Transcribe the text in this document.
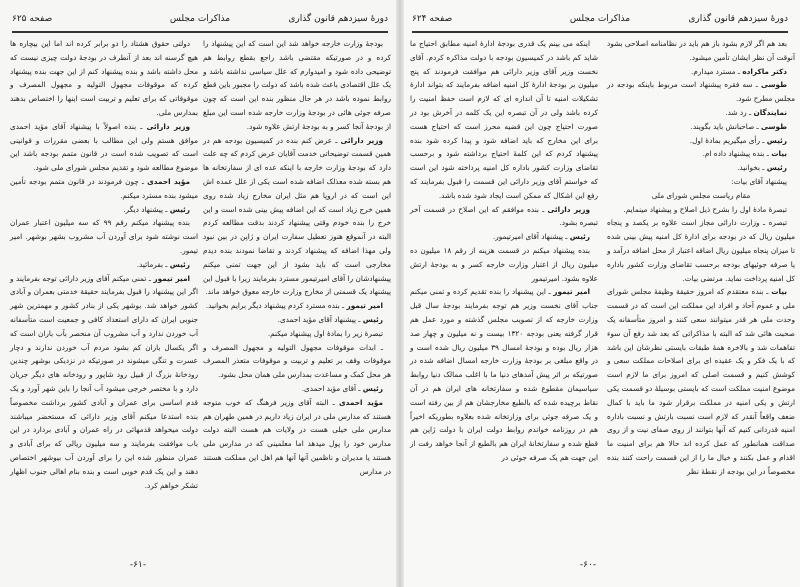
دورهٔ سیزدهم قانون گذاری
مذاکرات مجلس
صفحه ۶۲۵

بودجهٔ وزارت خارجه خواهد شد این است که این پیشنهاد را کرده و در صورتیکه مقتضی باشد راجع بقطع روابط هم توضیحی داده شود و امیدوارم که علل سیاسی نداشته باشد و یک علل اقتصادی باعث شده باشد که دولت را مجبور باین قطع روابط نموده باشد در هر حال منظور بنده این است که چون صرفه جوئی هائی در بودجهٔ وزارت خارجه شده است این مبلغ از بودجهٔ آنجا کسر و به بودجهٔ ارتش علاوه شود.

وزیر دارائی ـ عرض کنم بنده در کمیسیون بودجه هم در همین قسمت توضیحاتی خدمت آقایان عرض کردم که چه علت دارد که بودجهٔ وزارت خارجه با اینکه عده ای از سفارتخانه ها هم بسته شده معذلک اضافه شده است یکی از علل عمده اش این است که در اروپا هم مثل ایران مخارج زیاد شده روی همین خرج زیاد است که این اضافه پیش بینی شده است و این خرج را بنده خودم وقتی پیشنهاد کردند بدقت مطالعه کردم البته در آنموقع هنوز تعطیل سفارت ایران و ژاپن در بین نبود ولی مهذا اضافه که پیشنهاد کردند و تقاضا نمودند بنده دیدم مخارجی است که باید بشود از این جهت تمنی میکنم پیشنهادشان را آقای امیرتیمور مسترد بفرمایند زیرا با قبول این پیشنهاد یک قسمتی از مخارج وزارت خارجه معوق خواهد ماند.

امیر تیمور ـ بنده مسترد کردم پیشنهاد دیگر برایم بخوانید.

رئیس ـ پیشنهاد آقای مؤید احمدی.

تبصرهٔ زیر را بمادهٔ اول پیشنهاد میکنم.

ـ ابدات موقوفات مجهول التولیه و مجهول المصرف و موقوفات وقف بر تعلیم و تربیت و موقوفات متعذر المصرف هر محل کمک و مساعدت بمدارس ملی همان محل بشود.

رئیس ـ آقای مؤید احمدی.

مؤید احمدی ـ البته آقای وزیر فرهنگ که خوب متوجه هستند که مدارس ملی در ایران زیاد داریم در همین طهران هم مدارس ملی خیلی هست در ولایات هم هست البته دولت مدارس خود را پول میدهد اما معلمینی که در مدارس ملی هستند یا مدیران و ناظمین آنها آنها هم اهل این مملکت هستند در مدارس

دولتی حقوق هشتاد را دو برابر کرده اند اما این بیچاره ها هیچ گرسنه اند بعد از آنطرف در بودجهٔ دولت چیزی نیست که محل داشته باشد و بنده پیشنهاد کنم از این جهت بنده پیشنهاد کرده که موقوفات مجهول التولیه و مجهول المصرف و موقوفاتی که برای تعلیم و تربیت است اینها را اختصاص بدهند بمدارس ملی.

وزیر دارائی ـ بنده اصولاً با پیشنهاد آقای مؤید احمدی موافق هستم ولی این مطالب با بعضی مقررات و قوانینی است که تصویب شده است در قانون متمم بودجه باشد این موضوع مطالعه شود و تقدیم مجلس شورای ملی شود.

مؤید احمدی ـ چون فرمودند در قانون متمم بودجه تأمین میشود بنده مسترد میکنم.

رئیس ـ پیشنهاد دیگر.

بنده پیشنهاد میکنم رقم ۹۹ که سه میلیون اعتبار عمران است نوشته شود برای آوردن آب مشروب بشهر بوشهر. امیر تیمور.

رئیس ـ بفرمائید.

امیر تیمور ـ تمنی میکنم آقای وزیر دارائی توجه بفرمایند و اگر این پیشنهاد را قبول بفرمایند حقیقة خدمتی بعمران و آبادی کشور خواهد شد. بوشهر یکی از بنادر کشور و مهمترین شهر جنوبی ایران که دارای استعداد کافی و جمعیت است متأسفانه آب خوردن ندارد و آب مشروب آن منحصر بآب باران است که اگر یکسال باران کم بشود مردم آب خوردن ندارند و دچار عسرت و تنگی میشوند در صورتیکه در نزدیکی بوشهر چندین رودخانهٔ بزرگ از قبیل رود شاپور و رودخانه های دیگر جریان دارد و با مختصر خرجی میشود آب آنجا را باین شهر آورد و یک قدم اساسی برای عمران و آبادی کشور برداشت مخصوصاً بنده استدعا میکنم آقای وزیر دارائی که مستحضر میباشند دولت میخواهد قدمهائی در راه عمران و آبادی بردارد در این باب موافقت بفرمایند و سه میلیون ریالی که برای آبادی و عمران منظور شده این را برای آوردن آب بیوشهر اختصاص دهند و این یک قدم خوبی است و بنده بنام اهالی جنوب اظهار تشکر خواهم کرد.

-۶۱-
دورهٔ سیزدهم قانون گذاری
مذاکرات مجلس
صفحه ۶۲۴

بعد هم اگر لازم بشود باز هم باید در نظامنامه اصلاحی بشود آنوقت آن نظر ایشان تأمین میشود.

دکتر ماکراده ـ مسترد میدارم.

طوسی ـ سه فقره پیشنهاد است مربوط باینکه بودجه در مجلس مطرح شود.

نمایندگان ـ رد شد.

طوسی ـ صاحبانش باید بگویند.

رئیس ـ رأی میگیریم بمادهٔ اول.

بیات ـ بنده پیشنهاد داده ام.

رئیس ـ بخوانید.

پیشنهاد آقای بیات:

مقام ریاست مجلس شورای ملی

تبصرهٔ مادهٔ اول را بشرح ذیل اصلاح و پیشنهاد مینمایم.

تبصره ـ وزارت دارائی مجاز است علاوه بر یکصد و پنجاه میلیون ریال که در بودجه برای ادارهٔ کل امنیه پیش بینی شده تا میزان پنجاه میلیون ریال اضافه اعتبار از محل اضافه درآمد و یا صرفه جوئیهای بودجه برحسب تقاضای وزارت کشور باداره کل امنیه پرداخت نماید. مرتضی بیات.

بیات ـ بنده معتقدم که امروز حقیقة وظیفهٔ مجلس شورای ملی و عموم آحاد و افراد این مملکت این است که در قسمت وحدت ملی هر قدر میتوانند سعی کنند و امروز متأسفانه یک صحبت هائی شد که البته با مذاکراتی که بعد شد رفع آن سوء تفاهمات شد و بالاخره همهٔ طبقات بایستی نظرشان این باشد که با یک فکر و یک عقیده ای برای اصلاحات مملکت سعی و کوشش کنیم و قسمت اصلی که امروز برای ما لازم است موضوع امنیت مملکت است که بایستی بوسیلهٔ دو قسمت یکی ارتش و یکی امنیه در مملکت برقرار شود ما باید با کمال ضعف واقعاً آنقدر که لازم است نسبت بارتش و نسبت باداره امنیه قدردانی کنیم که آنها بتوانند از روی صفای نیت و از روی صداقت همانطور که عمل کرده اند حالا هم برای امنیت ما اقدام و عمل بکنند و خیال ما را از این قسمت راحت کنند بنده مخصوصاً در این بودجه از نقطهٔ نظر

اینکه می بینم یک قدری بودجهٔ ادارهٔ امنیه مطابق احتیاج ما شاید کم باشد در کمیسیون بودجه با دولت مذاکره کردم. آقای نخست وزیر آقای وزیر دارائی هم موافقت فرمودند که پنج میلیون بر بودجهٔ ادارهٔ کل امنیه اضافه بفرمایند که بتواند ادارهٔ تشکیلات امنیه تا آن اندازه ای که لازم است حفظ امنیت را کرده باشد ولی در آن تبصره این یک کلمه در آخرش بود در صورت احتیاج چون این قضیه محرز است که احتیاج هست برای این مخارج که باید اضافه شود و پیدا کرده شود بنده پیشنهاد کردم که این کلمهٔ احتیاج برداشته شود و برحسب تقاضای وزارت کشور باداره کل امنیه پرداخته شود این است که خواستم آقای وزیر دارائی این قسمت را قبول بفرمایند که رفع این اشکال که ممکن است ایجاد شود شده باشد.

وزیر دارائی ـ بنده موافقم که این اصلاح در قسمت آخر تبصره بشود.

رئیس ـ پیشنهاد آقای امیرتیمور.

بنده پیشنهاد میکنم در قسمت هزینه از رقم ۱۸ میلیون ده میلیون ریال از اعتبار وزارت خارجه کسر و به بودجهٔ ارتش علاوه بشود. امیرتیمور

امیر تیمور ـ این پیشنهاد را بنده تقدیم کرده و تمنی میکنم جناب آقای نخست وزیر هم توجه بفرمایند بودجهٔ سال قبل وزارت خارجه که از تصویب مجلس گذشته و مورد عمل هم قرار گرفته یعنی بودجه ۱۳۲۰ بیست و نه میلیون و چهار صد هزار ریال بوده و بودجهٔ امسال ۳۹ میلیون ریال شده است و در واقع مبلغی بر بودجهٔ وزارت خارجه امسال اضافه شده در صورتیکه بر اثر پیش آمدهای دنیا ما با اغلب ممالک دنیا روابط سیاسیمان مقطوع شده و سفارتخانه های ایران هم در آن نقاط برچیده شده که بالطبع مخارجشان هم از بین رفته است و یک صرفه جوئی برای وزارتخانه شده بعلاوه بطوریکه اخیراً هم در روزنامه خواندم روابط دولت ایران با دولت ژاپن هم قطع شده و سفارتخانهٔ ایران هم بالطبع از آنجا خواهد رفت از این جهت هم یک صرفه جوئی در

-۶۰-
